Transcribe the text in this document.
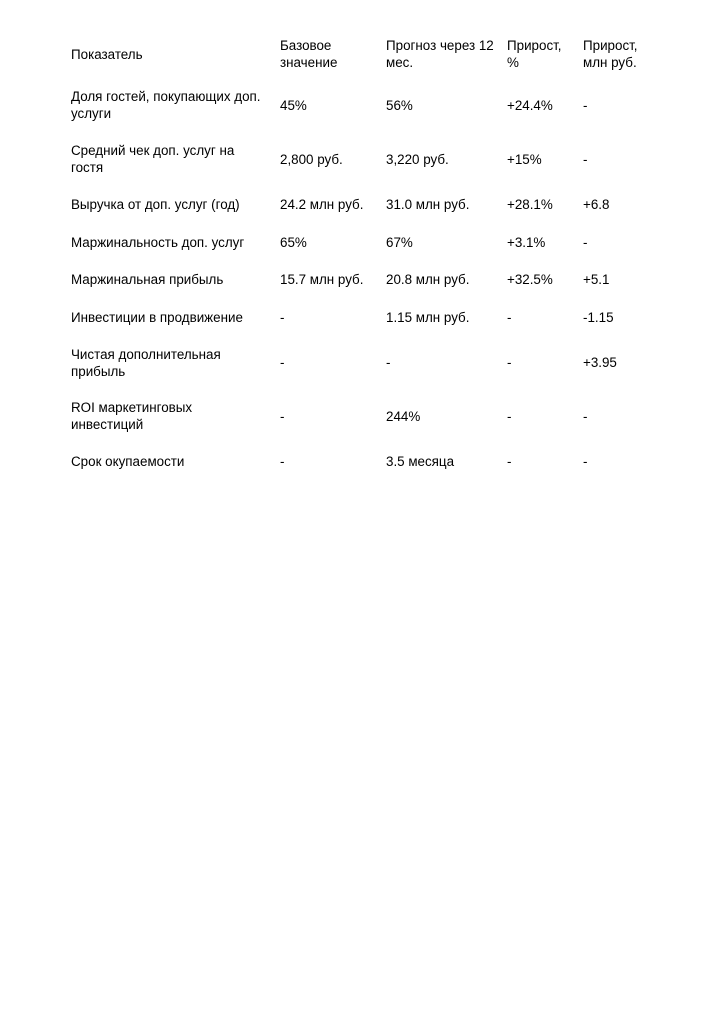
Показатель	Базовое значение	Прогноз через 12 мес.	Прирост, %	Прирост, млн руб.
Доля гостей, покупающих доп. услуги	45%	56%	+24.4%	-
Средний чек доп. услуг на гостя	2,800 руб.	3,220 руб.	+15%	-
Выручка от доп. услуг (год)	24.2 млн руб.	31.0 млн руб.	+28.1%	+6.8
Маржинальность доп. услуг	65%	67%	+3.1%	-
Маржинальная прибыль	15.7 млн руб.	20.8 млн руб.	+32.5%	+5.1
Инвестиции в продвижение	-	1.15 млн руб.	-	-1.15
Чистая дополнительная прибыль	-	-	-	+3.95
ROI маркетинговых инвестиций	-	244%	-	-
Срок окупаемости	-	3.5 месяца	-	-
